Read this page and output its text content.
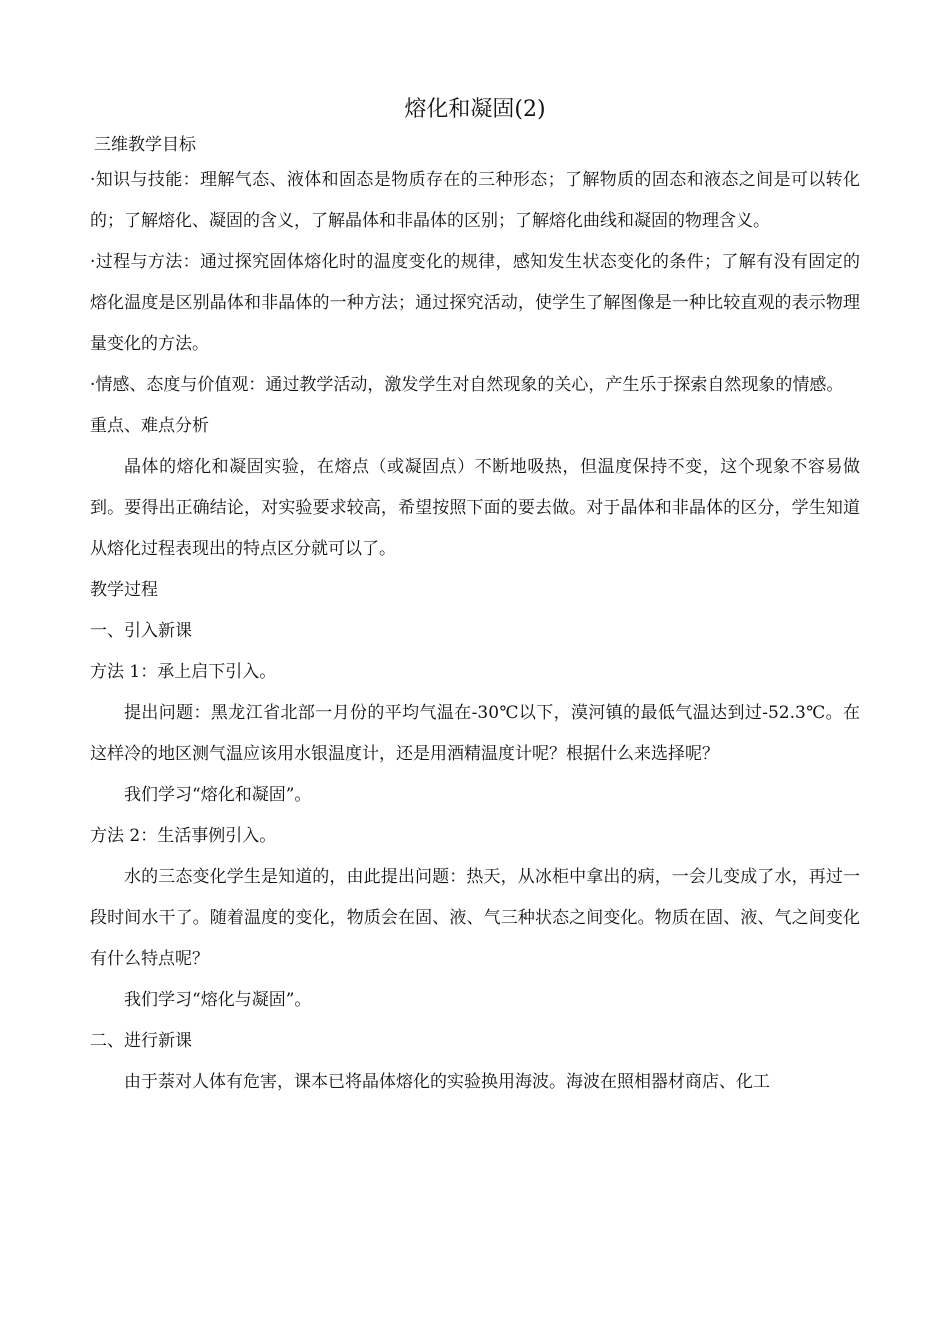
熔化和凝固(2)

三维教学目标

·知识与技能：理解气态、液体和固态是物质存在的三种形态；了解物质的固态和液态之间是可以转化的；了解熔化、凝固的含义，了解晶体和非晶体的区别；了解熔化曲线和凝固的物理含义。

·过程与方法：通过探究固体熔化时的温度变化的规律，感知发生状态变化的条件；了解有没有固定的熔化温度是区别晶体和非晶体的一种方法；通过探究活动，使学生了解图像是一种比较直观的表示物理量变化的方法。

·情感、态度与价值观：通过教学活动，激发学生对自然现象的关心，产生乐于探索自然现象的情感。

重点、难点分析

晶体的熔化和凝固实验，在熔点（或凝固点）不断地吸热，但温度保持不变，这个现象不容易做到。要得出正确结论，对实验要求较高，希望按照下面的要去做。对于晶体和非晶体的区分，学生知道从熔化过程表现出的特点区分就可以了。

教学过程

一、引入新课

方法 1：承上启下引入。

提出问题：黑龙江省北部一月份的平均气温在-30℃以下，漠河镇的最低气温达到过-52.3℃。在这样冷的地区测气温应该用水银温度计，还是用酒精温度计呢？根据什么来选择呢？

我们学习“熔化和凝固”。

方法 2：生活事例引入。

水的三态变化学生是知道的，由此提出问题：热天，从冰柜中拿出的病，一会儿变成了水，再过一段时间水干了。随着温度的变化，物质会在固、液、气三种状态之间变化。物质在固、液、气之间变化有什么特点呢？

我们学习“熔化与凝固”。

二、进行新课

由于萘对人体有危害，课本已将晶体熔化的实验换用海波。海波在照相器材商店、化工
